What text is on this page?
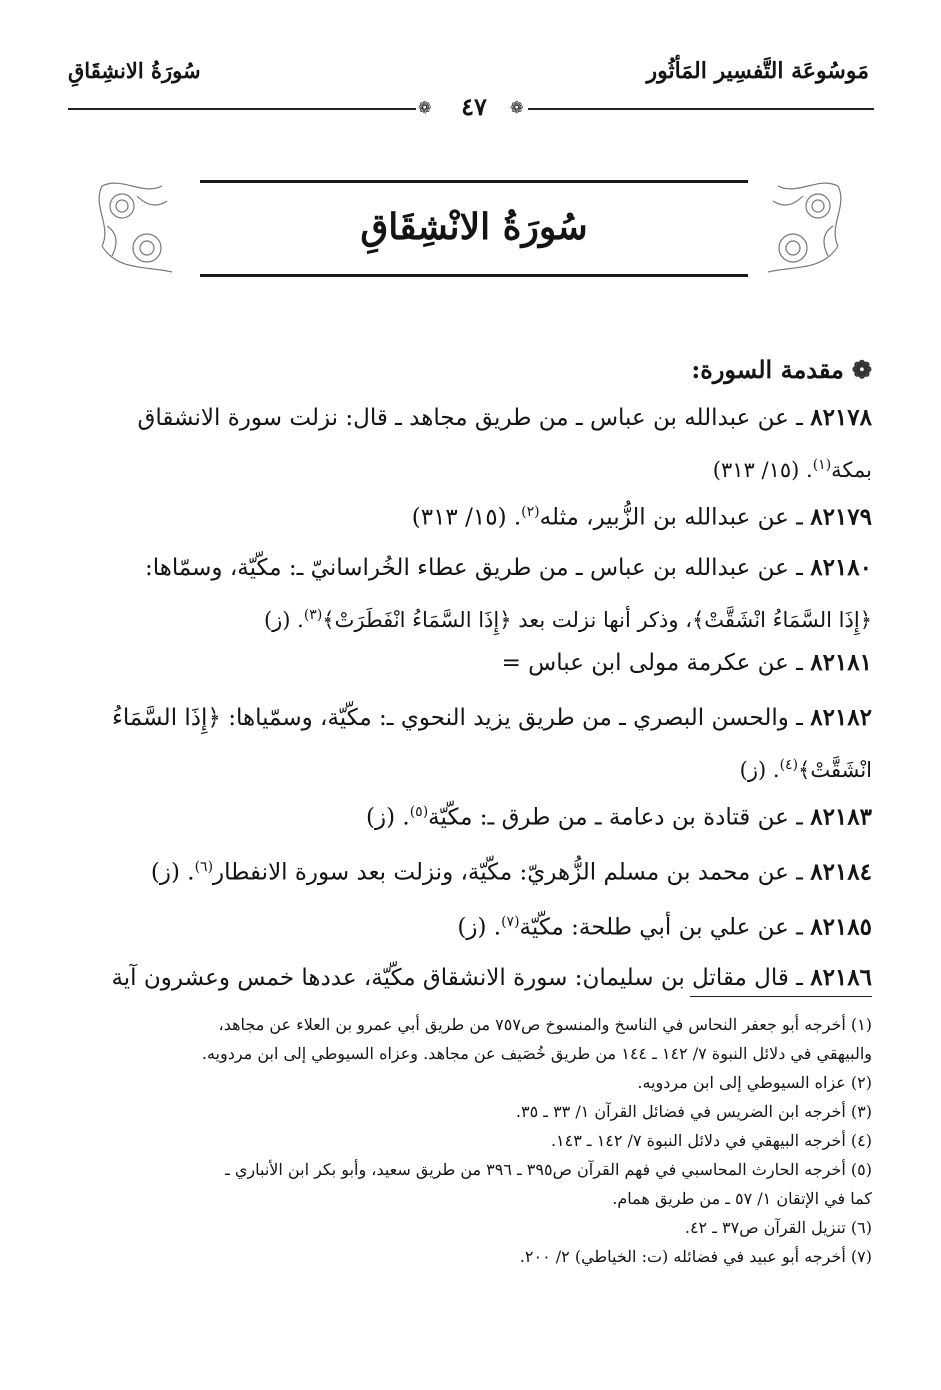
مَوسُوعَة التَّفسِير المَأثُور
سُورَةُ الانشِقَاقِ
❁	❁
٤٧
سُورَةُ الانْشِقَاقِ
❁مقدمة السورة:
٨٢١٧٨ ـ عن عبدالله بن عباس ـ من طريق مجاهد ـ قال: نزلت سورة الانشقاق
بمكة$^{(١)}$. (١٥/ ٣١٣)
٨٢١٧٩ ـ عن عبدالله بن الزُّبير، مثله$^{(٢)}$. (١٥/ ٣١٣)
٨٢١٨٠ ـ عن عبدالله بن عباس ـ من طريق عطاء الخُراسانيّ ـ: مكّيّة، وسمّاها:
﴿إِذَا السَّمَاءُ انْشَقَّتْ﴾، وذكر أنها نزلت بعد ﴿إِذَا السَّمَاءُ انْفَطَرَتْ﴾$^{(٣)}$. (ز)
٨٢١٨١ ـ عن عكرمة مولى ابن عباس =
٨٢١٨٢ ـ والحسن البصري ـ من طريق يزيد النحوي ـ: مكّيّة، وسمّياها: ﴿إِذَا السَّمَاءُ
انْشَقَّتْ﴾$^{(٤)}$. (ز)
٨٢١٨٣ ـ عن قتادة بن دعامة ـ من طرق ـ: مكّيّة$^{(٥)}$. (ز)
٨٢١٨٤ ـ عن محمد بن مسلم الزُّهريّ: مكّيّة، ونزلت بعد سورة الانفطار$^{(٦)}$. (ز)
٨٢١٨٥ ـ عن علي بن أبي طلحة: مكّيّة$^{(٧)}$. (ز)
٨٢١٨٦ ـ قال مقاتل بن سليمان: سورة الانشقاق مكّيّة، عددها خمس وعشرون آية
(١) أخرجه أبو جعفر النحاس في الناسخ والمنسوخ ص٧٥٧ من طريق أبي عمرو بن العلاء عن مجاهد،
والبيهقي في دلائل النبوة ٧/ ١٤٢ ـ ١٤٤ من طريق خُصَيف عن مجاهد. وعزاه السيوطي إلى ابن مردويه.
(٢) عزاه السيوطي إلى ابن مردويه.
(٣) أخرجه ابن الضريس في فضائل القرآن ١/ ٣٣ ـ ٣٥.
(٤) أخرجه البيهقي في دلائل النبوة ٧/ ١٤٢ ـ ١٤٣.
(٥) أخرجه الحارث المحاسبي في فهم القرآن ص٣٩٥ ـ ٣٩٦ من طريق سعيد، وأبو بكر ابن الأنباري ـ
كما في الإتقان ١/ ٥٧ ـ من طريق همام.
(٦) تنزيل القرآن ص٣٧ ـ ٤٢.
(٧) أخرجه أبو عبيد في فضائله (ت: الخياطي) ٢/ ٢٠٠.
